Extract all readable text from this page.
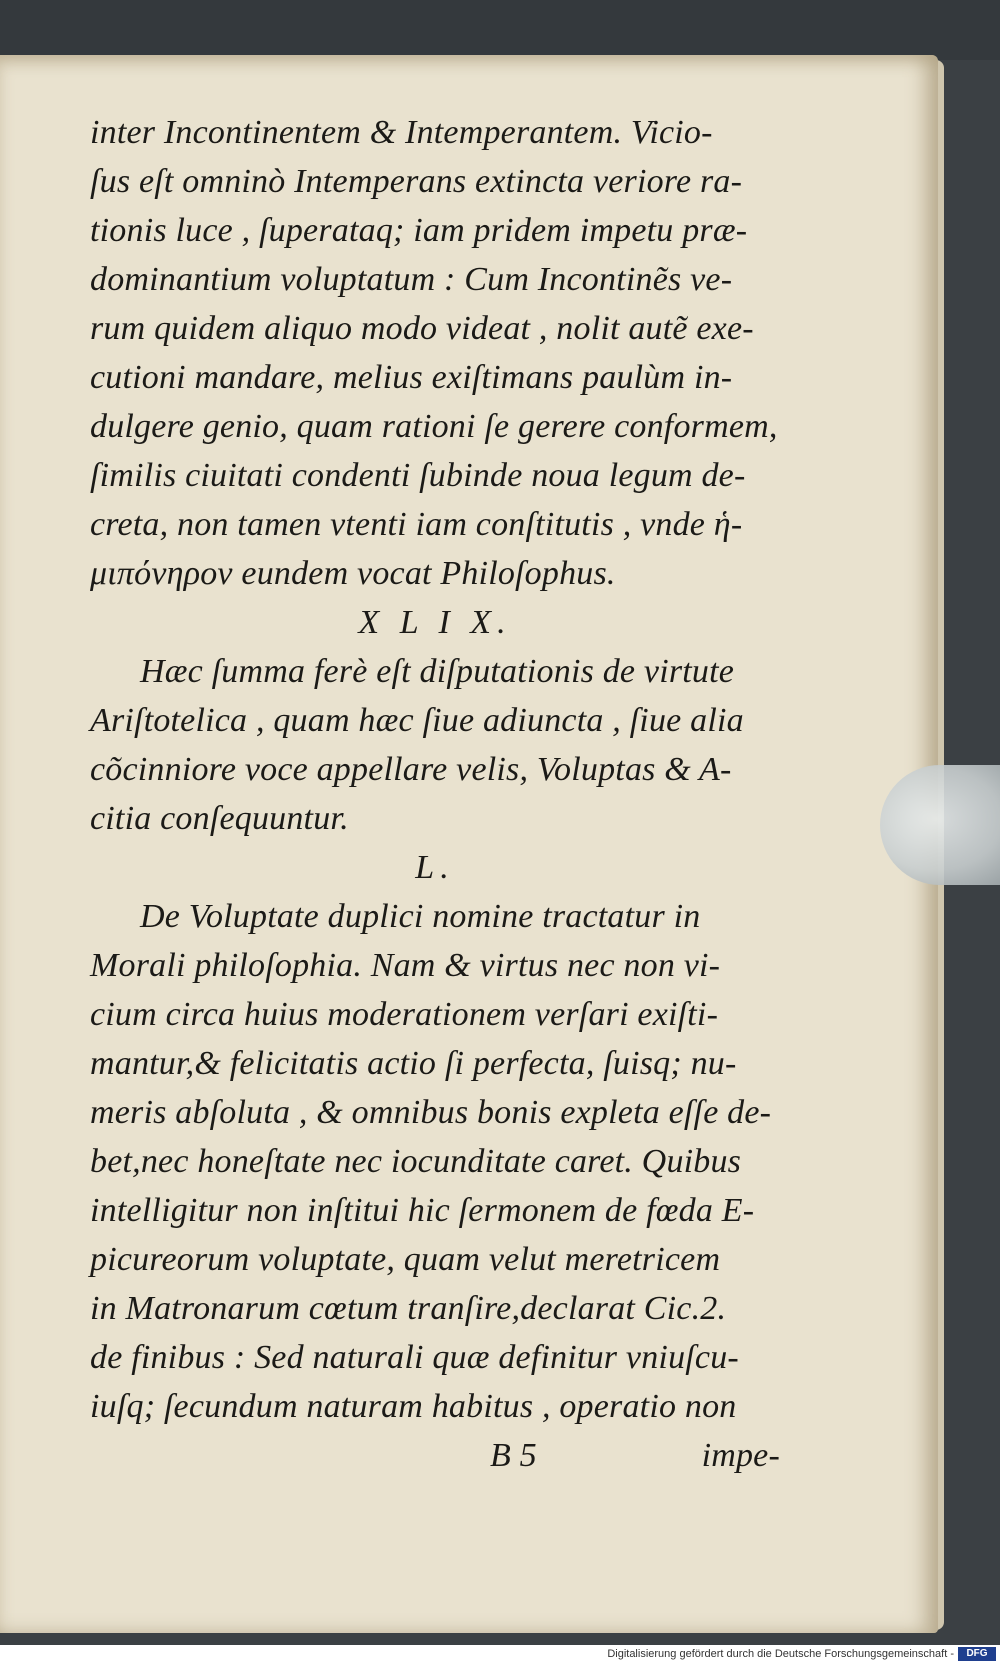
inter Incontinentem & Intemperantem. Vicio-
ſus eſt omninò Intemperans extincta veriore ra-
tionis luce , ſuperataq; iam pridem impetu præ-
dominantium voluptatum : Cum Incontinẽs ve-
rum quidem aliquo modo videat , nolit autẽ exe-
cutioni mandare, melius exiſtimans paulùm in-
dulgere genio, quam rationi ſe gerere conformem,
ſimilis ciuitati condenti ſubinde noua legum de-
creta, non tamen vtenti iam conſtitutis , vnde ἡ-
μιπόνηρον eundem vocat Philoſophus.
X L I X.
Hæc ſumma ferè eſt diſputationis de virtute
Ariſtotelica , quam hæc ſiue adiuncta , ſiue alia
cõcinniore voce appellare velis, Voluptas & A-
citia conſequuntur.
L.
De Voluptate duplici nomine tractatur in
Morali philoſophia. Nam & virtus nec non vi-
cium circa huius moderationem verſari exiſti-
mantur,& felicitatis actio ſi perfecta, ſuisq; nu-
meris abſoluta , & omnibus bonis expleta eſſe de-
bet,nec honeſtate nec iocunditate caret. Quibus
intelligitur non inſtitui hic ſermonem de fœda E-
picureorum voluptate, quam velut meretricem
in Matronarum cœtum tranſire,declarat Cic.2.
de finibus : Sed naturali quæ definitur vniuſcu-
iuſq; ſecundum naturam habitus , operatio non
B 5	impe-
Digitalisierung gefördert durch die Deutsche Forschungsgemeinschaft -	DFG
